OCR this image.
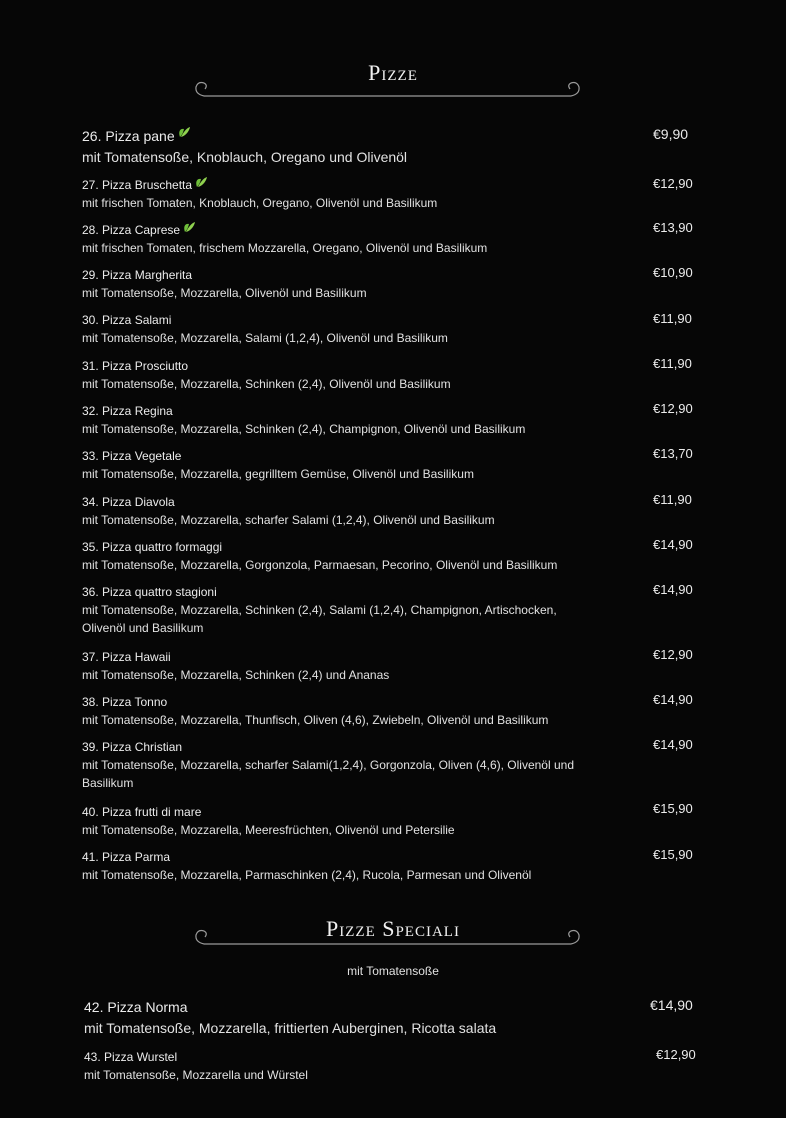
Pizze
26. Pizza pane
mit Tomatensoße, Knoblauch, Oregano und Olivenöl
€9,90
27. Pizza Bruschetta
mit frischen Tomaten, Knoblauch, Oregano, Olivenöl und Basilikum
€12,90
28. Pizza Caprese
mit frischen Tomaten, frischem Mozzarella, Oregano, Olivenöl und Basilikum
€13,90
29. Pizza Margherita
mit Tomatensoße, Mozzarella, Olivenöl und Basilikum
€10,90
30. Pizza Salami
mit Tomatensoße, Mozzarella, Salami (1,2,4), Olivenöl und Basilikum
€11,90
31. Pizza Prosciutto
mit Tomatensoße, Mozzarella, Schinken (2,4), Olivenöl und Basilikum
€11,90
32. Pizza Regina
mit Tomatensoße, Mozzarella, Schinken (2,4), Champignon, Olivenöl und Basilikum
€12,90
33. Pizza Vegetale
mit Tomatensoße, Mozzarella, gegrilltem Gemüse, Olivenöl und Basilikum
€13,70
34. Pizza Diavola
mit Tomatensoße, Mozzarella, scharfer Salami (1,2,4), Olivenöl und Basilikum
€11,90
35. Pizza quattro formaggi
mit Tomatensoße, Mozzarella, Gorgonzola, Parmaesan, Pecorino, Olivenöl und Basilikum
€14,90
36. Pizza quattro stagioni
mit Tomatensoße, Mozzarella, Schinken (2,4), Salami (1,2,4), Champignon, Artischocken, Olivenöl und Basilikum
€14,90
37. Pizza Hawaii
mit Tomatensoße, Mozzarella, Schinken (2,4) und Ananas
€12,90
38. Pizza Tonno
mit Tomatensoße, Mozzarella, Thunfisch, Oliven (4,6), Zwiebeln, Olivenöl und Basilikum
€14,90
39. Pizza Christian
mit Tomatensoße, Mozzarella, scharfer Salami(1,2,4), Gorgonzola, Oliven (4,6), Olivenöl und Basilikum
€14,90
40. Pizza frutti di mare
mit Tomatensoße, Mozzarella, Meeresfrüchten, Olivenöl und Petersilie
€15,90
41. Pizza Parma
mit Tomatensoße, Mozzarella, Parmaschinken (2,4), Rucola, Parmesan und Olivenöl
€15,90
Pizze Speciali
mit Tomatensoße
42. Pizza Norma
mit Tomatensoße, Mozzarella, frittierten Auberginen, Ricotta salata
€14,90
43. Pizza Wurstel
mit Tomatensoße, Mozzarella und Würstel
€12,90
